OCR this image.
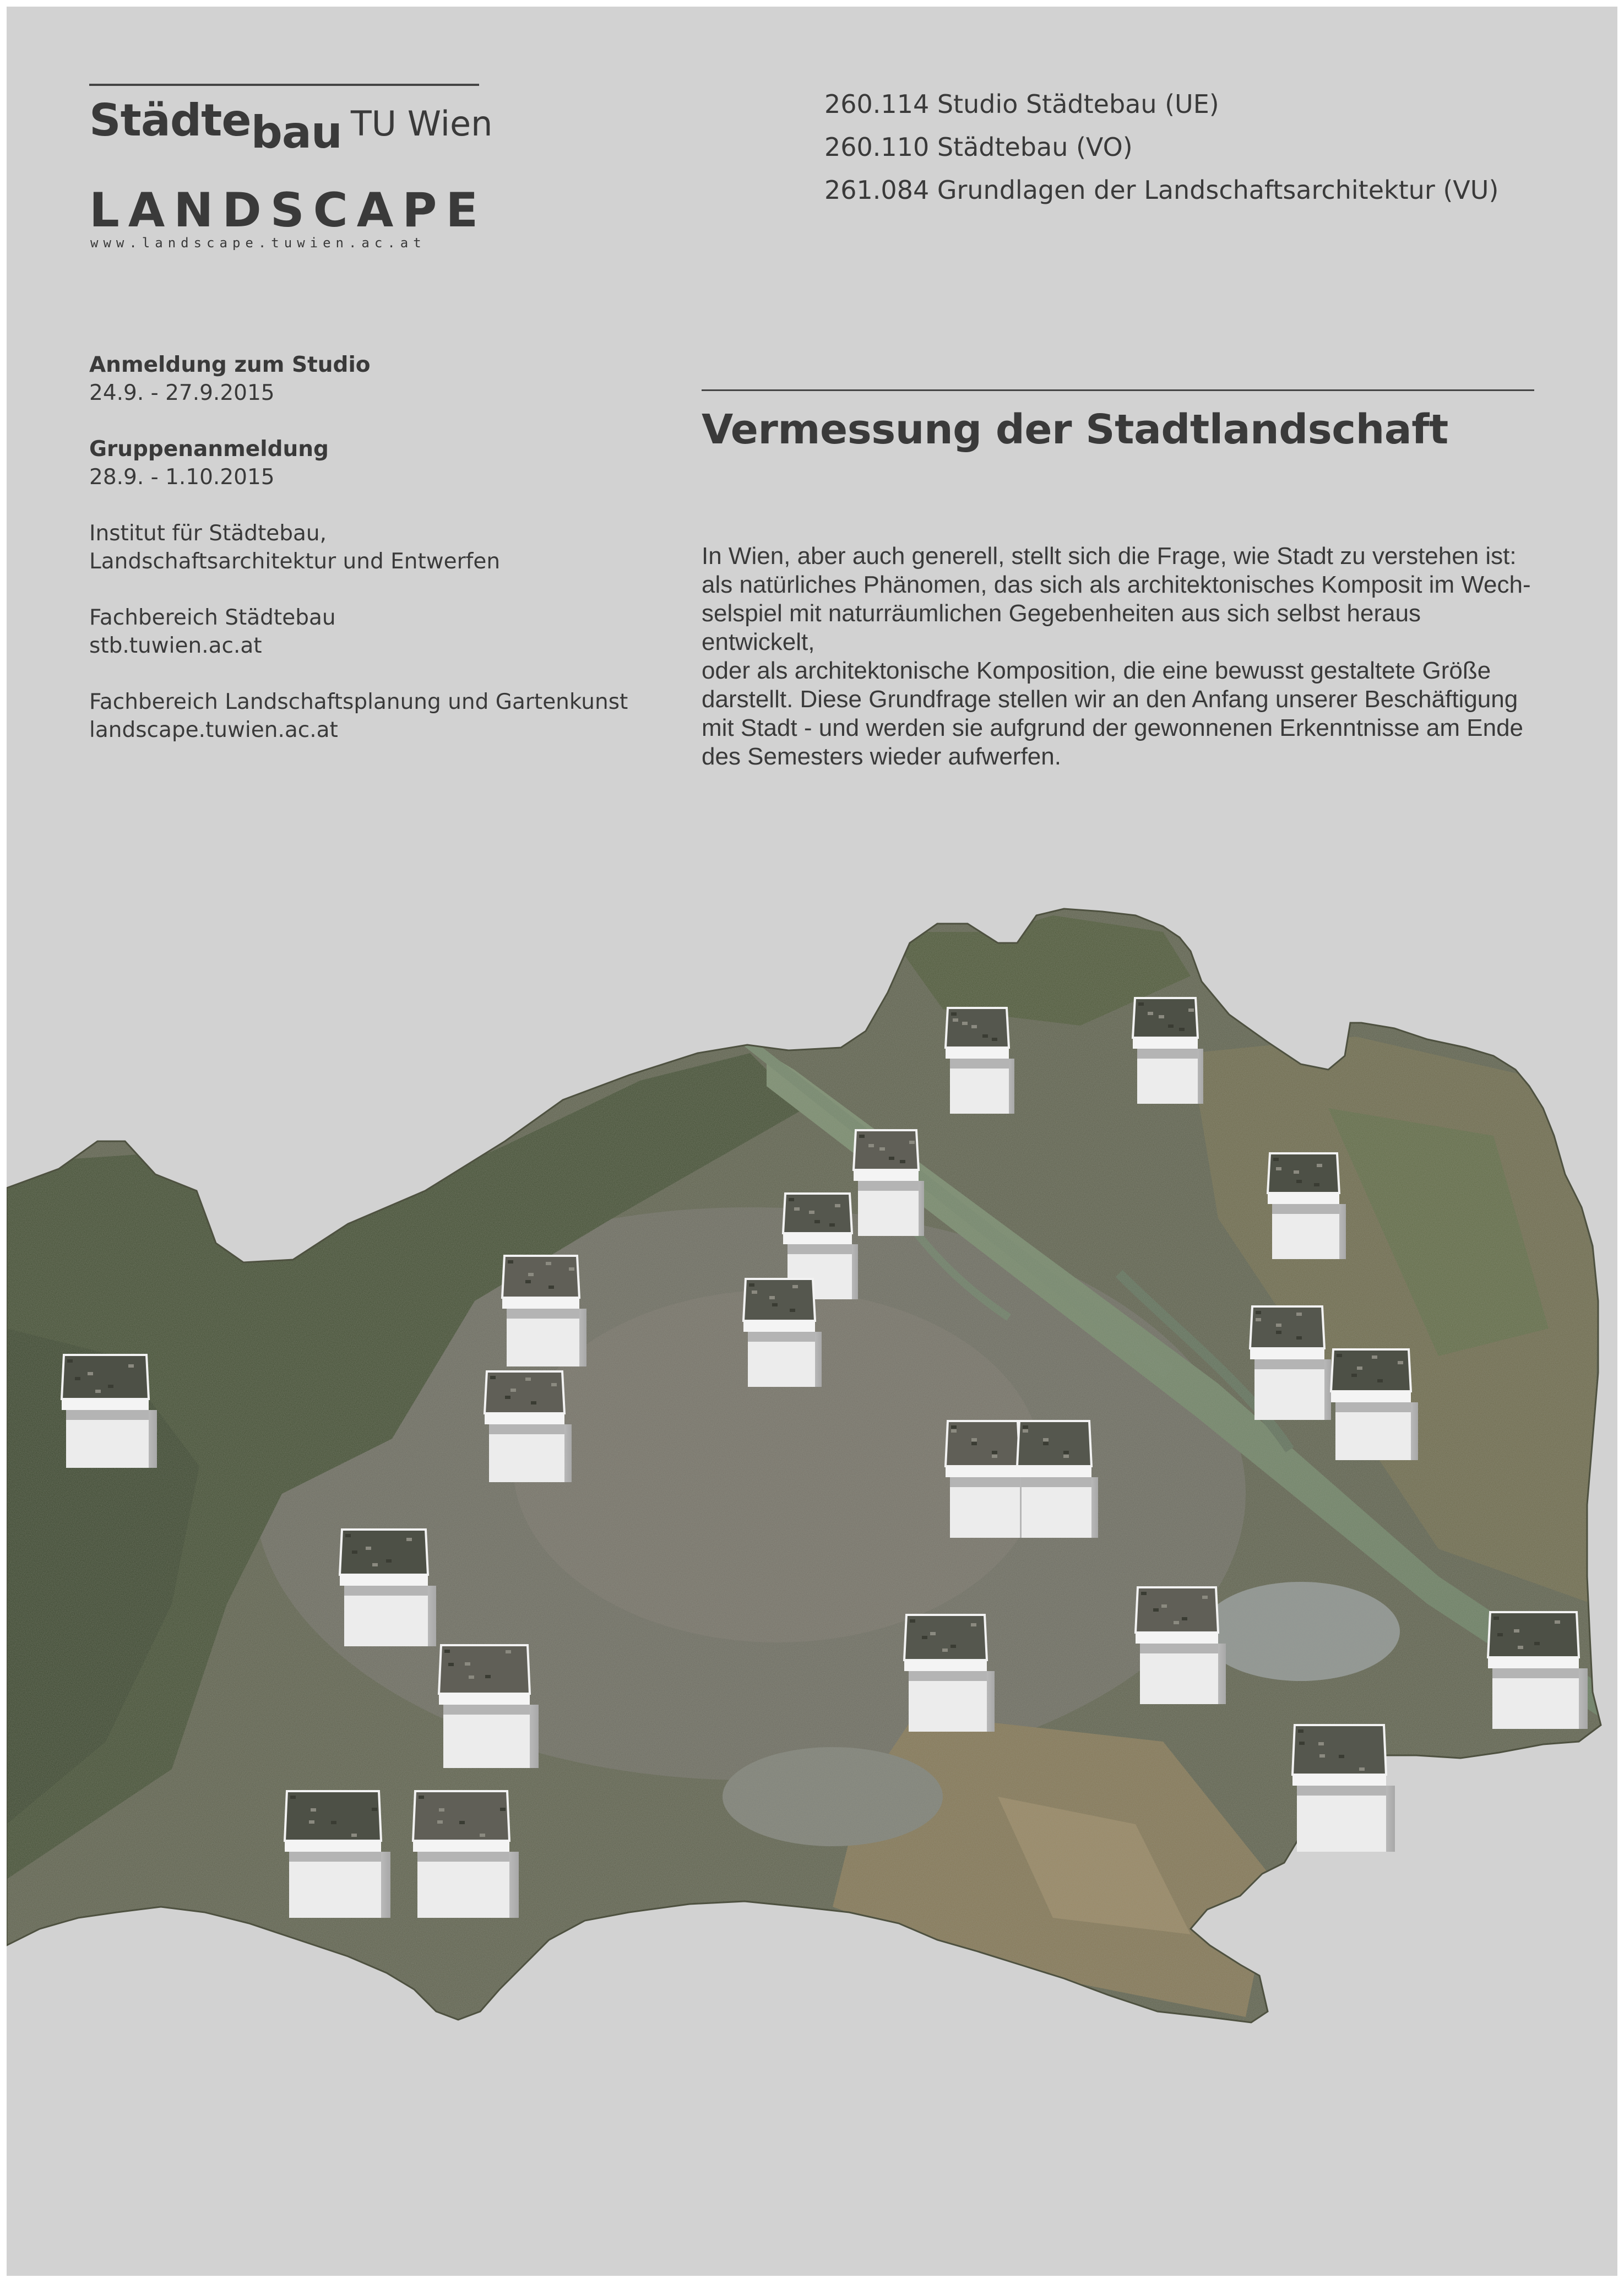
Städtebau TU Wien
LANDSCAPE
www.landscape.tuwien.ac.at
260.114 Studio Städtebau (UE)
260.110 Städtebau (VO)
261.084 Grundlagen der Landschaftsarchitektur (VU)
Anmeldung zum Studio
24.9. - 27.9.2015
Gruppenanmeldung
28.9. - 1.10.2015
Institut für Städtebau,
Landschaftsarchitektur und Entwerfen
Fachbereich Städtebau
stb.tuwien.ac.at
Fachbereich Landschaftsplanung und Gartenkunst
landscape.tuwien.ac.at
Vermessung der Stadtlandschaft
In Wien, aber auch generell, stellt sich die Frage, wie Stadt zu verstehen ist:
als natürliches Phänomen, das sich als architektonisches Komposit im Wech-
selspiel mit naturräumlichen Gegebenheiten aus sich selbst heraus entwickelt,
oder als architektonische Komposition, die eine bewusst gestaltete Größe
darstellt. Diese Grundfrage stellen wir an den Anfang unserer Beschäftigung
mit Stadt - und werden sie aufgrund der gewonnenen Erkenntnisse am Ende
des Semesters wieder aufwerfen.
